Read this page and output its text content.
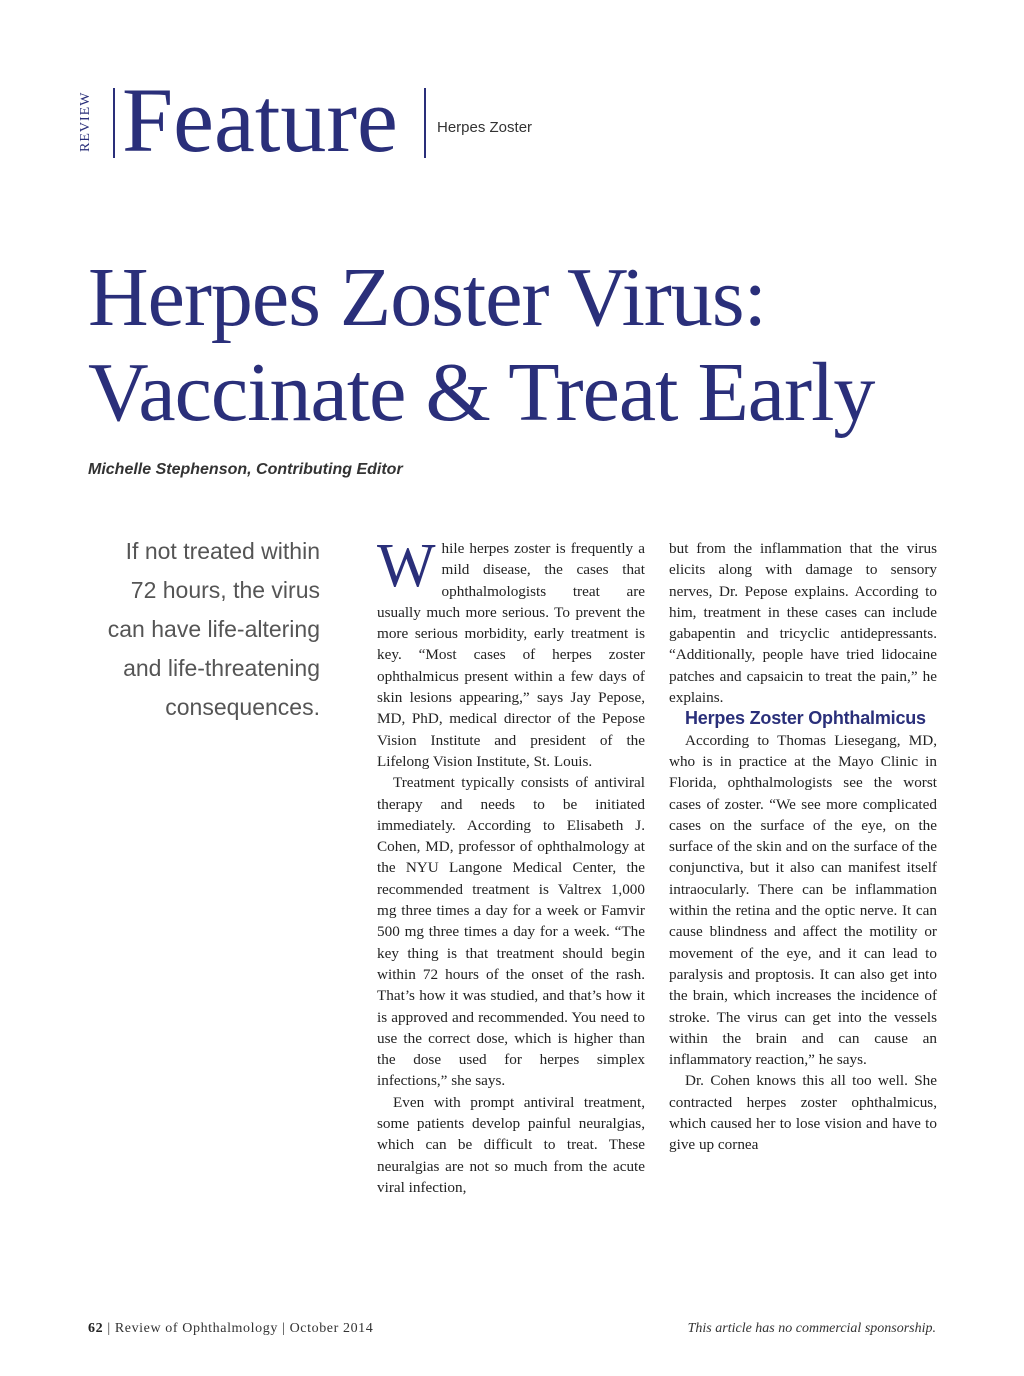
REVIEW Feature	Herpes Zoster
Herpes Zoster Virus:
Vaccinate & Treat Early
Michelle Stephenson, Contributing Editor

If not treated within 72 hours, the virus can have life-altering and life-threatening consequences.

While herpes zoster is frequently a mild disease, the cases that ophthalmologists treat are usually much more serious. To prevent the more serious morbidity, early treatment is key. “Most cases of herpes zoster ophthalmicus present within a few days of skin lesions appearing,” says Jay Pepose, MD, PhD, medical director of the Pepose Vision Institute and president of the Lifelong Vision Institute, St. Louis.

Treatment typically consists of antiviral therapy and needs to be initiated immediately. According to Elisabeth J. Cohen, MD, professor of ophthalmology at the NYU Langone Medical Center, the recommended treatment is Valtrex 1,000 mg three times a day for a week or Famvir 500 mg three times a day for a week. “The key thing is that treatment should begin within 72 hours of the onset of the rash. That’s how it was studied, and that’s how it is approved and recommended. You need to use the correct dose, which is higher than the dose used for herpes simplex infections,” she says.

Even with prompt antiviral treatment, some patients develop painful neuralgias, which can be difficult to treat. These neuralgias are not so much from the acute viral infection,

but from the inflammation that the virus elicits along with damage to sensory nerves, Dr. Pepose explains. According to him, treatment in these cases can include gabapentin and tricyclic antidepressants. “Additionally, people have tried lidocaine patches and capsaicin to treat the pain,” he explains.

Herpes Zoster Ophthalmicus

According to Thomas Liesegang, MD, who is in practice at the Mayo Clinic in Florida, ophthalmologists see the worst cases of zoster. “We see more complicated cases on the surface of the eye, on the surface of the skin and on the surface of the conjunctiva, but it also can manifest itself intraocularly. There can be inflammation within the retina and the optic nerve. It can cause blindness and affect the motility or movement of the eye, and it can lead to paralysis and proptosis. It can also get into the brain, which increases the incidence of stroke. The virus can get into the vessels within the brain and can cause an inflammatory reaction,” he says.

Dr. Cohen knows this all too well. She contracted herpes zoster ophthalmicus, which caused her to lose vision and have to give up cornea

62 | Review of Ophthalmology | October 2014	This article has no commercial sponsorship.
